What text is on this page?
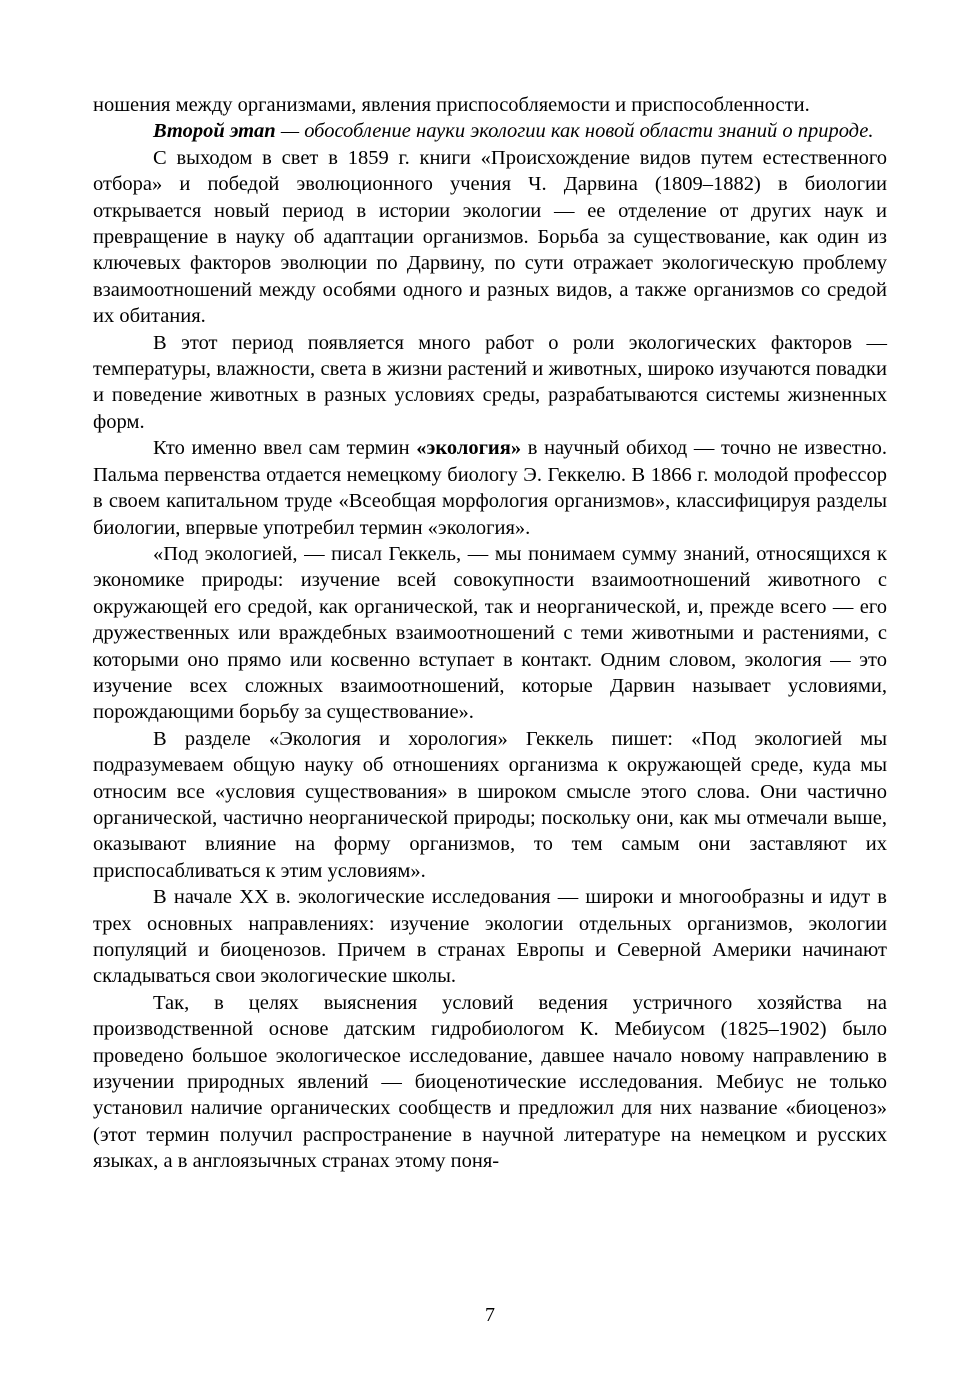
ношения между организмами, явления приспособляемости и приспособленности.

Второй этап — обособление науки экологии как новой области знаний о природе.

С выходом в свет в 1859 г. книги «Происхождение видов путем естественного отбора» и победой эволюционного учения Ч. Дарвина (1809–1882) в биологии открывается новый период в истории экологии — ее отделение от других наук и превращение в науку об адаптации организмов. Борьба за существование, как один из ключевых факторов эволюции по Дарвину, по сути отражает экологическую проблему взаимоотношений между особями одного и разных видов, а также организмов со средой их обитания.

В этот период появляется много работ о роли экологических факторов — температуры, влажности, света в жизни растений и животных, широко изучаются повадки и поведение животных в разных условиях среды, разрабатываются системы жизненных форм.

Кто именно ввел сам термин «экология» в научный обиход — точно не известно. Пальма первенства отдается немецкому биологу Э. Геккелю. В 1866 г. молодой профессор в своем капитальном труде «Всеобщая морфология организмов», классифицируя разделы биологии, впервые употребил термин «экология».

«Под экологией, — писал Геккель, — мы понимаем сумму знаний, относящихся к экономике природы: изучение всей совокупности взаимоотношений животного с окружающей его средой, как органической, так и неорганической, и, прежде всего — его дружественных или враждебных взаимоотношений с теми животными и растениями, с которыми оно прямо или косвенно вступает в контакт. Одним словом, экология — это изучение всех сложных взаимоотношений, которые Дарвин называет условиями, порождающими борьбу за существование».

В разделе «Экология и хорология» Геккель пишет: «Под экологией мы подразумеваем общую науку об отношениях организма к окружающей среде, куда мы относим все «условия существования» в широком смысле этого слова. Они частично органической, частично неорганической природы; поскольку они, как мы отмечали выше, оказывают влияние на форму организмов, то тем самым они заставляют их приспосабливаться к этим условиям».

В начале XX в. экологические исследования — широки и многообразны и идут в трех основных направлениях: изучение экологии отдельных организмов, экологии популяций и биоценозов. Причем в странах Европы и Северной Америки начинают складываться свои экологические школы.

Так, в целях выяснения условий ведения устричного хозяйства на производственной основе датским гидробиологом К. Мебиусом (1825–1902) было проведено большое экологическое исследование, давшее начало новому направлению в изучении природных явлений — биоценотические исследования. Мебиус не только установил наличие органических сообществ и предложил для них название «биоценоз» (этот термин получил распространение в научной литературе на немецком и русских языках, а в англоязычных странах этому поня-

7
